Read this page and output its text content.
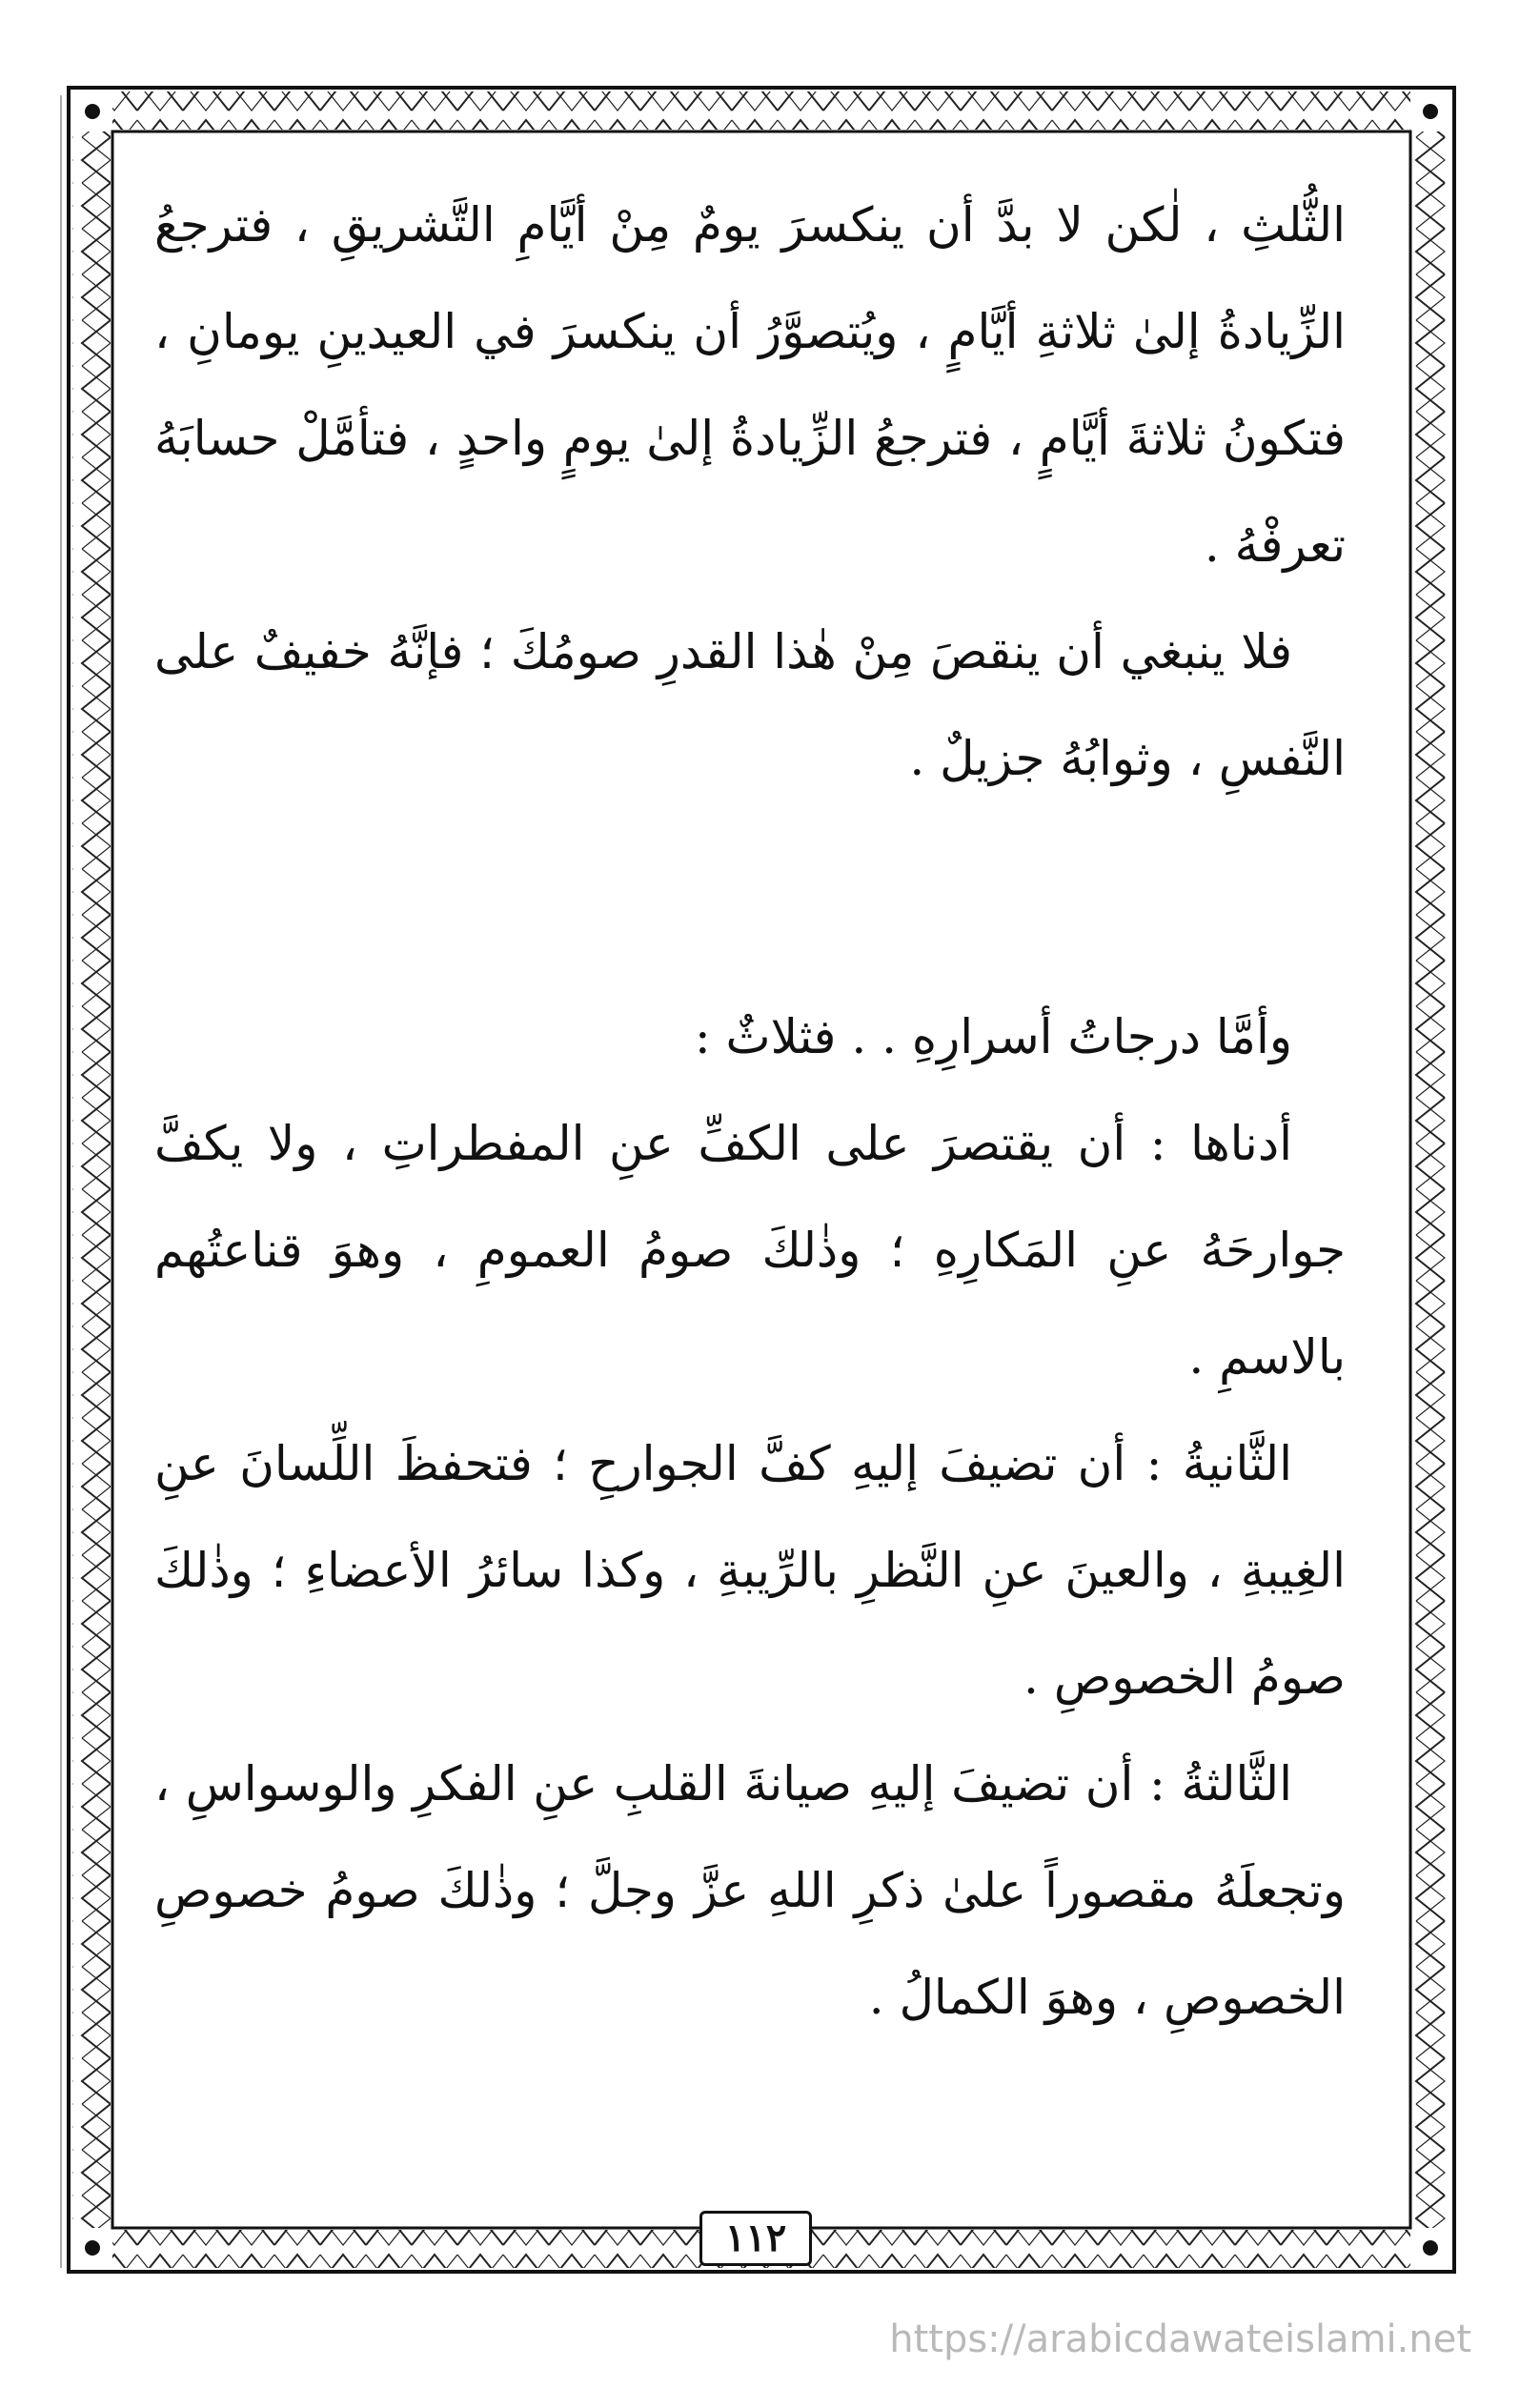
الثُّلثِ ، لٰكن لا بدَّ أن ينكسرَ يومٌ مِنْ أيَّامِ التَّشريقِ ، فترجعُ الزِّيادةُ إلىٰ ثلاثةِ أيَّامٍ ، ويُتصوَّرُ أن ينكسرَ في العيدينِ يومانِ ، فتكونُ ثلاثةَ أيَّامٍ ، فترجعُ الزِّيادةُ إلىٰ يومٍ واحدٍ ، فتأمَّلْ حسابَهُ تعرفْهُ .

فلا ينبغي أن ينقصَ مِنْ هٰذا القدرِ صومُكَ ؛ فإنَّهُ خفيفٌ على النَّفسِ ، وثوابُهُ جزيلٌ .

وأمَّا درجاتُ أسرارِهِ . . فثلاثٌ :

أدناها : أن يقتصرَ على الكفِّ عنِ المفطراتِ ، ولا يكفَّ جوارحَهُ عنِ المَكارِهِ ؛ وذٰلكَ صومُ العمومِ ، وهوَ قناعتُهم بالاسمِ .

الثَّانيةُ : أن تضيفَ إليهِ كفَّ الجوارحِ ؛ فتحفظَ اللِّسانَ عنِ الغِيبةِ ، والعينَ عنِ النَّظرِ بالرِّيبةِ ، وكذا سائرُ الأعضاءِ ؛ وذٰلكَ صومُ الخصوصِ .

الثَّالثةُ : أن تضيفَ إليهِ صيانةَ القلبِ عنِ الفكرِ والوسواسِ ، وتجعلَهُ مقصوراً علىٰ ذكرِ اللهِ عزَّ وجلَّ ؛ وذٰلكَ صومُ خصوصِ الخصوصِ ، وهوَ الكمالُ .

١١٢
https://arabicdawateislami.net
